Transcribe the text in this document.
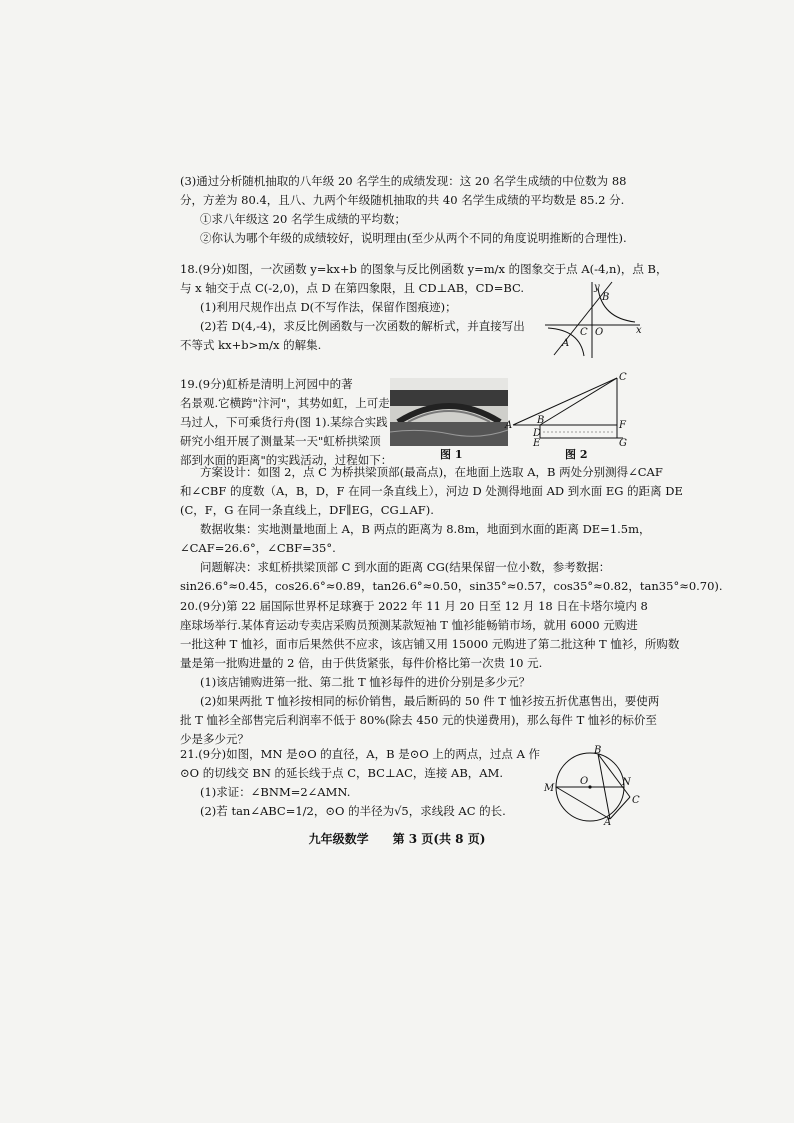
(3)通过分析随机抽取的八年级 20 名学生的成绩发现：这 20 名学生成绩的中位数为 88
分，方差为 80.4，且八、九两个年级随机抽取的共 40 名学生成绩的平均数是 85.2 分.
①求八年级这 20 名学生成绩的平均数；
②你认为哪个年级的成绩较好，说明理由(至少从两个不同的角度说明推断的合理性).
18.(9分)如图，一次函数 y=kx+b 的图象与反比例函数 y=m/x 的图象交于点 A(-4,n)，点 B，
与 x 轴交于点 C(-2,0)，点 D 在第四象限，且 CD⊥AB，CD=BC.
(1)利用尺规作出点 D(不写作法，保留作图痕迹)；
(2)若 D(4,-4)，求反比例函数与一次函数的解析式，并直接写出
不等式 kx+b>m/x 的解集.
y
B
C O	x
A
19.(9分)虹桥是清明上河园中的著
名景观.它横跨"汴河"，其势如虹，上可走
马过人，下可乘货行舟(图 1).某综合实践
研究小组开展了测量某一天"虹桥拱梁顶
部到水面的距离"的实践活动，过程如下：	图 1
C
A B
D
F
E	G
图 2
方案设计：如图 2，点 C 为桥拱梁顶部(最高点)，在地面上选取 A，B 两处分别测得∠CAF
和∠CBF 的度数（A，B，D，F 在同一条直线上），河边 D 处测得地面 AD 到水面 EG 的距离 DE
(C，F，G 在同一条直线上，DF∥EG，CG⊥AF).
数据收集：实地测量地面上 A，B 两点的距离为 8.8m，地面到水面的距离 DE=1.5m，
∠CAF=26.6°，∠CBF=35°.
问题解决：求虹桥拱梁顶部 C 到水面的距离 CG(结果保留一位小数，参考数据：
sin26.6°≈0.45，cos26.6°≈0.89，tan26.6°≈0.50，sin35°≈0.57，cos35°≈0.82，tan35°≈0.70).
20.(9分)第 22 届国际世界杯足球赛于 2022 年 11 月 20 日至 12 月 18 日在卡塔尔境内 8
座球场举行.某体育运动专卖店采购员预测某款短袖 T 恤衫能畅销市场，就用 6000 元购进
一批这种 T 恤衫，面市后果然供不应求，该店铺又用 15000 元购进了第二批这种 T 恤衫，所购数
量是第一批购进量的 2 倍，由于供货紧张，每件价格比第一次贵 10 元.
(1)该店铺购进第一批、第二批 T 恤衫每件的进价分别是多少元？
(2)如果两批 T 恤衫按相同的标价销售，最后断码的 50 件 T 恤衫按五折优惠售出，要使两
批 T 恤衫全部售完后利润率不低于 80%(除去 450 元的快递费用)，那么每件 T 恤衫的标价至
少是多少元？
21.(9分)如图，MN 是⊙O 的直径，A，B 是⊙O 上的两点，过点 A 作
⊙O 的切线交 BN 的延长线于点 C，BC⊥AC，连接 AB，AM.
(1)求证：∠BNM=2∠AMN.
(2)若 tan∠ABC=1/2，⊙O 的半径为√5，求线段 AC 的长.
B
O
M
N
C
A
九年级数学　　第 3 页(共 8 页)
